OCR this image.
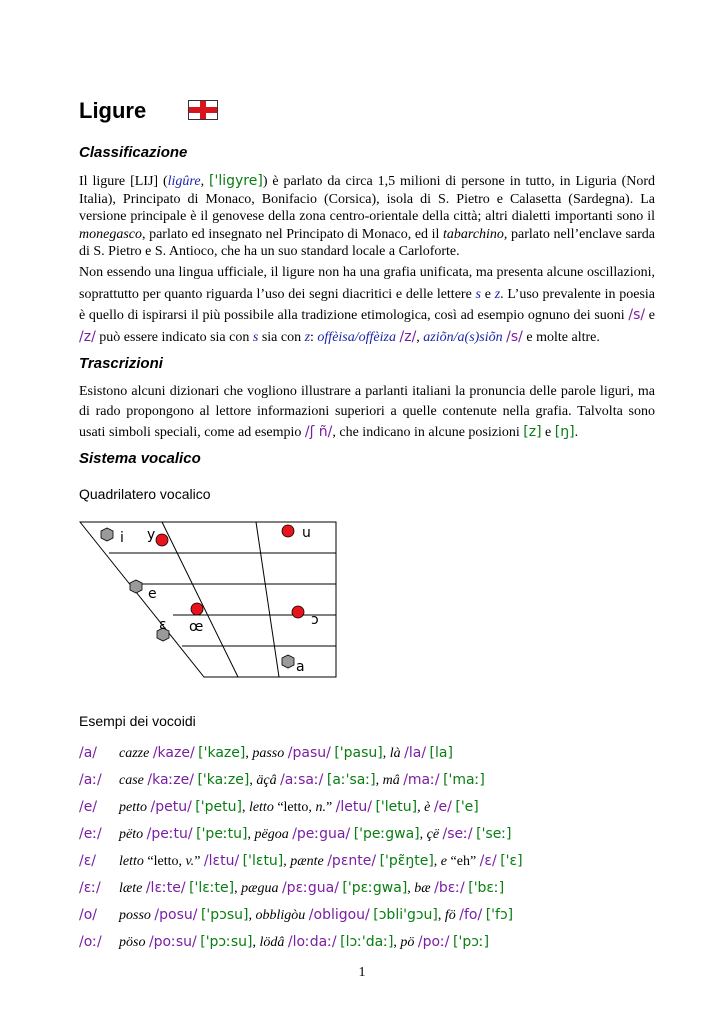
Ligure
Classificazione

Il ligure [LIJ] (ligûre, ['ligyre]) è parlato da circa 1,5 milioni di persone in tutto, in Liguria (Nord Italia), Principato di Monaco, Bonifacio (Corsica), isola di S. Pietro e Calasetta (Sardegna). La versione principale è il genovese della zona centro-orientale della città; altri dialetti importanti sono il monegasco, parlato ed insegnato nel Principato di Monaco, ed il tabarchino, parlato nell’enclave sarda di S. Pietro e S. Antioco, che ha un suo standard locale a Carloforte.

Non essendo una lingua ufficiale, il ligure non ha una grafia unificata, ma presenta alcune oscillazioni, soprattutto per quanto riguarda l’uso dei segni diacritici e delle lettere s e z. L’uso prevalente in poesia è quello di ispirarsi il più possibile alla tradizione etimologica, così ad esempio ognuno dei suoni /s/ e /z/ può essere indicato sia con s sia con z: offèisa/offèiza /z/, aziõn/a(s)siõn /s/ e molte altre.

Trascrizioni

Esistono alcuni dizionari che vogliono illustrare a parlanti italiani la pronuncia delle parole liguri, ma di rado propongono al lettore informazioni superiori a quelle contenute nella grafia. Talvolta sono usati simboli speciali, come ad esempio /ʃ ñ/, che indicano in alcune posizioni [z] e [ŋ].

Sistema vocalico
Quadrilatero vocalico
i y	u
e
ɛ œ	ɔ
a
Esempi dei vocoidi
/a/ cazze /kaze/ ['kaze], passo /pasu/ ['pasu], là /la/ [la]
/aː/ case /kaːze/ ['kaːze], äçâ /aːsaː/ [aː'saː], mâ /maː/ ['maː]
/e/ petto /petu/ ['petu], letto “letto, n.” /letu/ ['letu], è /e/ ['e]
/eː/ pëto /peːtu/ ['peːtu], pëgoa /peːgua/ ['peːgwa], çë /seː/ ['seː]
/ɛ/ letto “letto, v.” /lɛtu/ ['lɛtu], pænte /pɛnte/ ['pɛ̃ŋte], e “eh” /ɛ/ ['ɛ]
/ɛː/ læte /lɛːte/ ['lɛːte], pægua /pɛːgua/ ['pɛːgwa], bæ /bɛː/ ['bɛː]
/o/ posso /posu/ ['pɔsu], obbligòu /obligou/ [ɔbli'gɔu], fö /fo/ ['fɔ]
/oː/ pöso /poːsu/ ['pɔːsu], lödâ /loːdaː/ [lɔː'daː], pö /poː/ ['pɔː]
1
